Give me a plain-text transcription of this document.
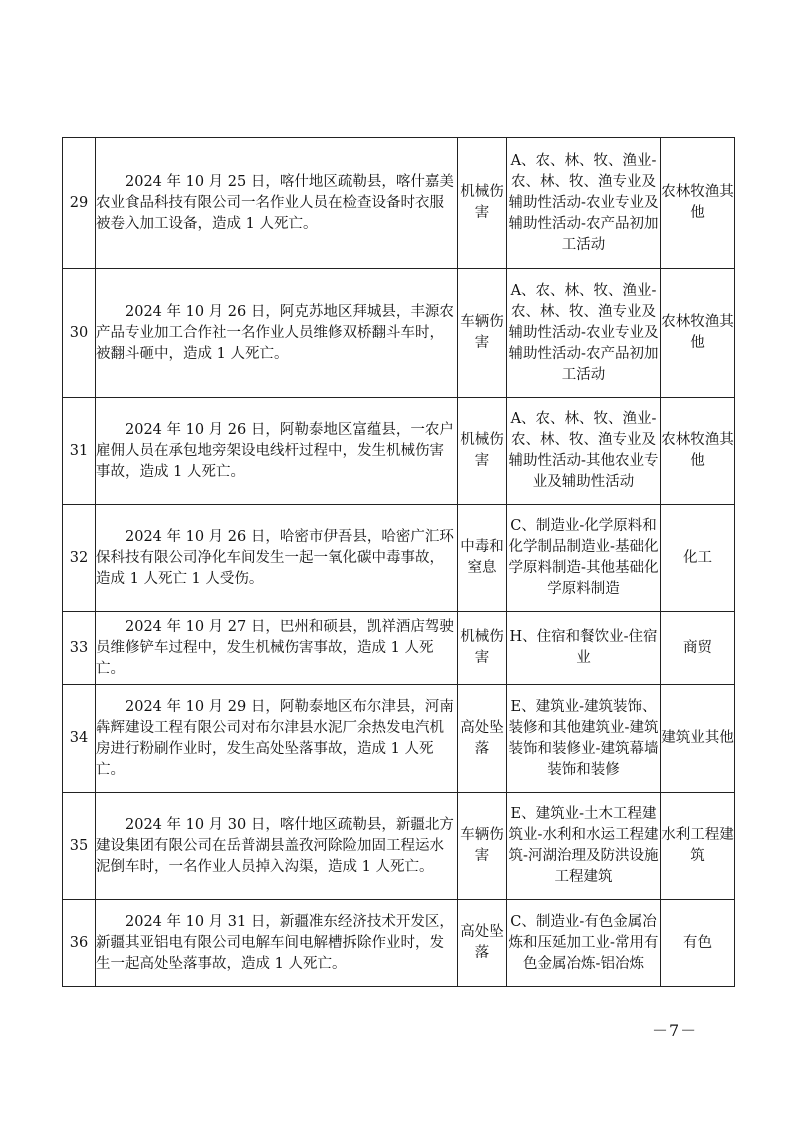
29	2024 年 10 月 25 日，喀什地区疏勒县，喀什嘉美农业食品科技有限公司一名作业人员在检查设备时衣服被卷入加工设备，造成 1 人死亡。	机械伤害	A、农、林、牧、渔业-农、林、牧、渔专业及辅助性活动-农业专业及辅助性活动-农产品初加工活动	农林牧渔其他
30	2024 年 10 月 26 日，阿克苏地区拜城县，丰源农产品专业加工合作社一名作业人员维修双桥翻斗车时，被翻斗砸中，造成 1 人死亡。	车辆伤害	A、农、林、牧、渔业-农、林、牧、渔专业及辅助性活动-农业专业及辅助性活动-农产品初加工活动	农林牧渔其他
31	2024 年 10 月 26 日，阿勒泰地区富蕴县，一农户雇佣人员在承包地旁架设电线杆过程中，发生机械伤害事故，造成 1 人死亡。	机械伤害	A、农、林、牧、渔业-农、林、牧、渔专业及辅助性活动-其他农业专业及辅助性活动	农林牧渔其他
32	2024 年 10 月 26 日，哈密市伊吾县，哈密广汇环保科技有限公司净化车间发生一起一氧化碳中毒事故，造成 1 人死亡 1 人受伤。	中毒和窒息	C、制造业-化学原料和化学制品制造业-基础化学原料制造-其他基础化学原料制造	化工
33	2024 年 10 月 27 日，巴州和硕县，凯祥酒店驾驶员维修铲车过程中，发生机械伤害事故，造成 1 人死亡。	机械伤害	H、住宿和餐饮业-住宿业	商贸
34	2024 年 10 月 29 日，阿勒泰地区布尔津县，河南犇辉建设工程有限公司对布尔津县水泥厂余热发电汽机房进行粉刷作业时，发生高处坠落事故，造成 1 人死亡。	高处坠落	E、建筑业-建筑装饰、装修和其他建筑业-建筑装饰和装修业-建筑幕墙装饰和装修	建筑业其他
35	2024 年 10 月 30 日，喀什地区疏勒县，新疆北方建设集团有限公司在岳普湖县盖孜河除险加固工程运水泥倒车时，一名作业人员掉入沟渠，造成 1 人死亡。	车辆伤害	E、建筑业-土木工程建筑业-水利和水运工程建筑-河湖治理及防洪设施工程建筑	水利工程建筑
36	2024 年 10 月 31 日，新疆准东经济技术开发区，新疆其亚铝电有限公司电解车间电解槽拆除作业时，发生一起高处坠落事故，造成 1 人死亡。	高处坠落	C、制造业-有色金属冶炼和压延加工业-常用有色金属冶炼-铝冶炼	有色
－7－
